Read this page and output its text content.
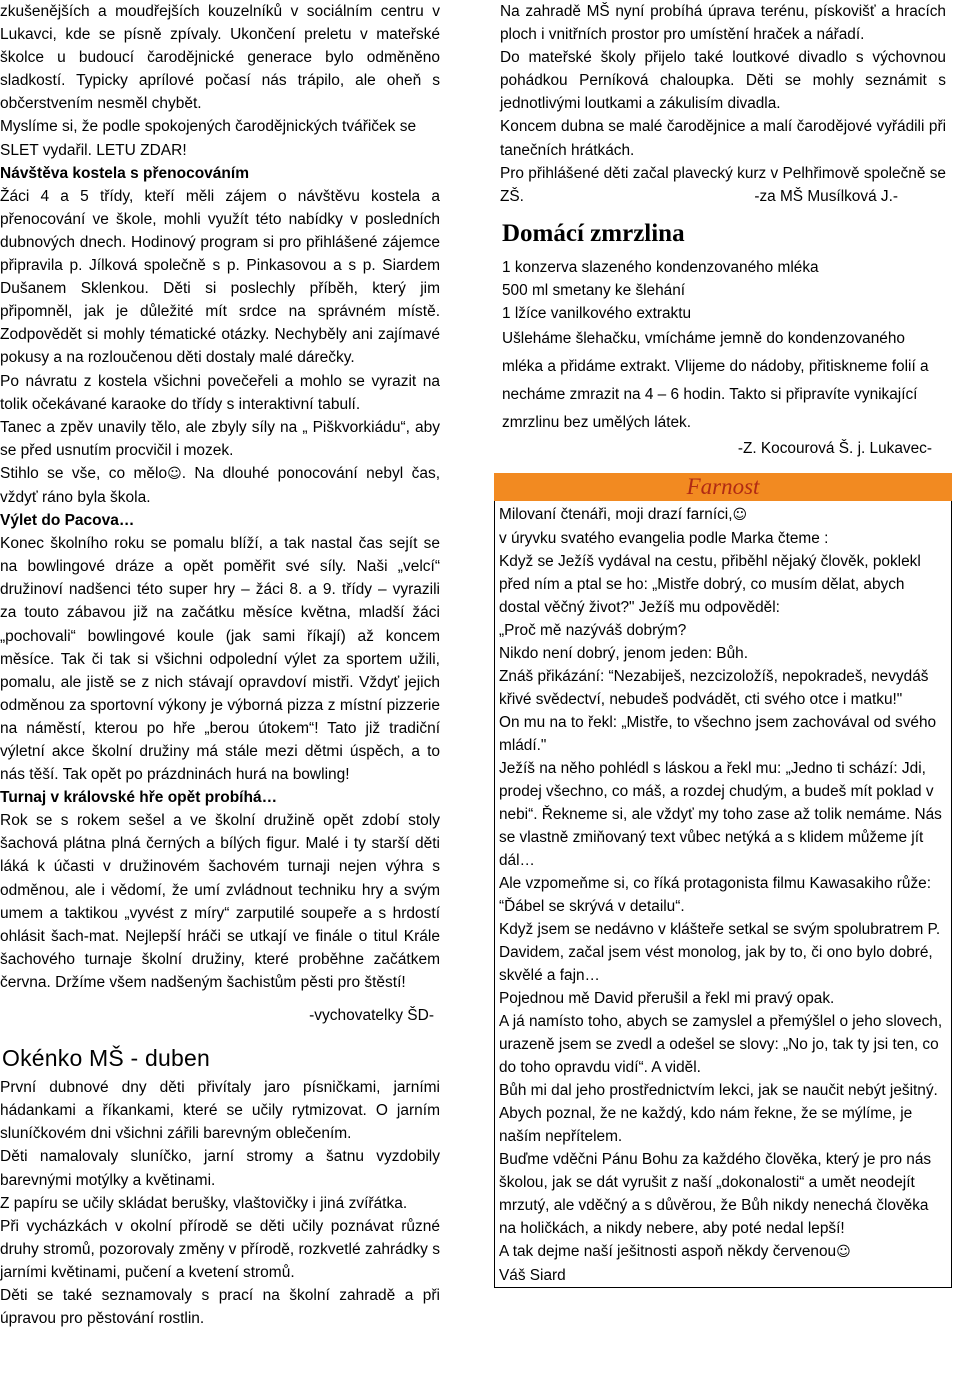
zkušenějších a moudřejších kouzelníků v sociálním centru v Lukavci, kde se písně zpívaly. Ukončení preletu v mateřské školce u budoucí čarodějnické generace bylo odměněno sladkostí. Typicky aprílové počasí nás trápilo, ale oheň s občerstvením nesměl chybět.

Myslíme si, že podle spokojených čarodějnických tvářiček se SLET vydařil. LETU ZDAR!

Návštěva kostela s přenocováním

Žáci 4 a 5 třídy, kteří měli zájem o návštěvu kostela a přenocování ve škole, mohli využít této nabídky v posledních dubnových dnech. Hodinový program si pro přihlášené zájemce připravila p. Jílková společně s p. Pinkasovou a s p. Siardem Dušanem Sklenkou. Děti si poslechly příběh, který jim připomněl, jak je důležité mít srdce na správném místě. Zodpovědět si mohly tématické otázky. Nechyběly ani zajímavé pokusy a na rozloučenou děti dostaly malé dárečky.

Po návratu z kostela všichni povečeřeli a mohlo se vyrazit na tolik očekávané karaoke do třídy s interaktivní tabulí.

Tanec a zpěv unavily tělo, ale zbyly síly na „ Piškvorkiádu“, aby se před usnutím procvičil i mozek.

Stihlo se vše, co mělo☺. Na dlouhé ponocování nebyl čas, vždyť ráno byla škola.

Výlet do Pacova…

Konec školního roku se pomalu blíží, a tak nastal čas sejít se na bowlingové dráze a opět poměřit své síly. Naši „velcí“ družinoví nadšenci této super hry – žáci 8. a 9. třídy – vyrazili za touto zábavou již na začátku měsíce května, mladší žáci „pochovali“ bowlingové koule (jak sami říkají) až koncem měsíce. Tak či tak si všichni odpolední výlet za sportem užili, pomalu, ale jistě se z nich stávají opravdoví mistři. Vždyť jejich odměnou za sportovní výkony je výborná pizza z místní pizzerie na náměstí, kterou po hře „berou útokem“! Tato již tradiční výletní akce školní družiny má stále mezi dětmi úspěch, a to nás těší. Tak opět po prázdninách hurá na bowling!

Turnaj v královské hře opět probíhá…

Rok se s rokem sešel a ve školní družině opět zdobí stoly šachová plátna plná černých a bílých figur. Malé i ty starší děti láká k účasti v družinovém šachovém turnaji nejen výhra s odměnou, ale i vědomí, že umí zvládnout techniku hry a svým umem a taktikou „vyvést z míry“ zarputilé soupeře a s hrdostí ohlásit šach-mat. Nejlepší hráči se utkají ve finále o titul Krále šachového turnaje školní družiny, které proběhne začátkem června. Držíme všem nadšeným šachistům pěsti pro štěstí!

-vychovatelky ŠD-

Okénko MŠ - duben

První dubnové dny děti přivítaly jaro písničkami, jarními hádankami a říkankami, které se učily rytmizovat. O jarním sluníčkovém dni všichni zářili barevným oblečením.

Děti namalovaly sluníčko, jarní stromy a šatnu vyzdobily barevnými motýlky a květinami.

Z papíru se učily skládat berušky, vlaštovičky i jiná zvířátka.

Při vycházkách v okolní přírodě se děti učily poznávat různé druhy stromů, pozorovaly změny v přírodě, rozkvetlé zahrádky s jarními květinami, pučení a kvetení stromů.

Děti se také seznamovaly s prací na školní zahradě a při úpravou pro pěstování rostlin.

Na zahradě MŠ nyní probíhá úprava terénu, pískovišť a hracích ploch i vnitřních prostor pro umístění hraček a nářadí.

Do mateřské školy přijelo také loutkové divadlo s výchovnou pohádkou Perníková chaloupka. Děti se mohly seznámit s jednotlivými loutkami a zákulisím divadla.

Koncem dubna se malé čarodějnice a malí čarodějové vyřádili při tanečních hrátkách.

Pro přihlášené děti začal plavecký kurz v Pelhřimově společně se ZŠ.	-za MŠ Musílková J.-

Domácí zmrzlina

1 konzerva slazeného kondenzovaného mléka

500 ml smetany ke šlehání

1 lžíce vanilkového extraktu

Ušleháme šlehačku, vmícháme jemně do kondenzovaného mléka a přidáme extrakt. Vlijeme do nádoby, přitiskneme folií a necháme zmrazit na 4 – 6 hodin. Takto si připravíte vynikající zmrzlinu bez umělých látek.

-Z. Kocourová Š. j. Lukavec-

Farnost

Milovaní čtenáři, moji drazí farníci,☺

v úryvku svatého evangelia podle Marka čteme :

Když se Ježíš vydával na cestu, přiběhl nějaký člověk, poklekl před ním a ptal se ho: „Mistře dobrý, co musím dělat, abych dostal věčný život?" Ježíš mu odpověděl:

„Proč mě nazýváš dobrým?

Nikdo není dobrý, jenom jeden: Bůh.

Znáš přikázání: “Nezabiješ, nezcizoložíš, nepokradeš, nevydáš křivé svědectví, nebudeš podvádět, cti svého otce i matku!"

On mu na to řekl: „Mistře, to všechno jsem zachovával od svého mládí."

Ježíš na něho pohlédl s láskou a řekl mu: „Jedno ti schází: Jdi, prodej všechno, co máš, a rozdej chudým, a budeš mít poklad v nebi“. Řekneme si, ale vždyť my toho zase až tolik nemáme. Nás se vlastně zmiňovaný text vůbec netýká a s klidem můžeme jít dál…

Ale vzpomeňme si, co říká protagonista filmu Kawasakiho růže:

“Ďábel se skrývá v detailu“.

Když jsem se nedávno v klášteře setkal se svým spolubratrem P. Davidem, začal jsem vést monolog, jak by to, či ono bylo dobré, skvělé a fajn…

Pojednou mě David přerušil a řekl mi pravý opak.

A já namísto toho, abych se zamyslel a přemýšlel o jeho slovech, urazeně jsem se zvedl a odešel se slovy: „No jo, tak ty jsi ten, co do toho opravdu vidí“. A vidĕl.

Bůh mi dal jeho prostřednictvím lekci, jak se naučit nebýt ješitný. Abych poznal, že ne každý, kdo nám řekne, že se mýlíme, je naším nepřítelem.

Buďme vděčni Pánu Bohu za každého člověka, který je pro nás školou, jak se dát vyrušit z naší „dokonalosti“ a umět neodejít mrzutý, ale vděčný a s důvěrou, že Bůh nikdy nenechá člověka na holičkách, a nikdy nebere, aby poté nedal lepší!

A tak dejme naší ješitnosti aspoň někdy červenou☺

Váš Siard
